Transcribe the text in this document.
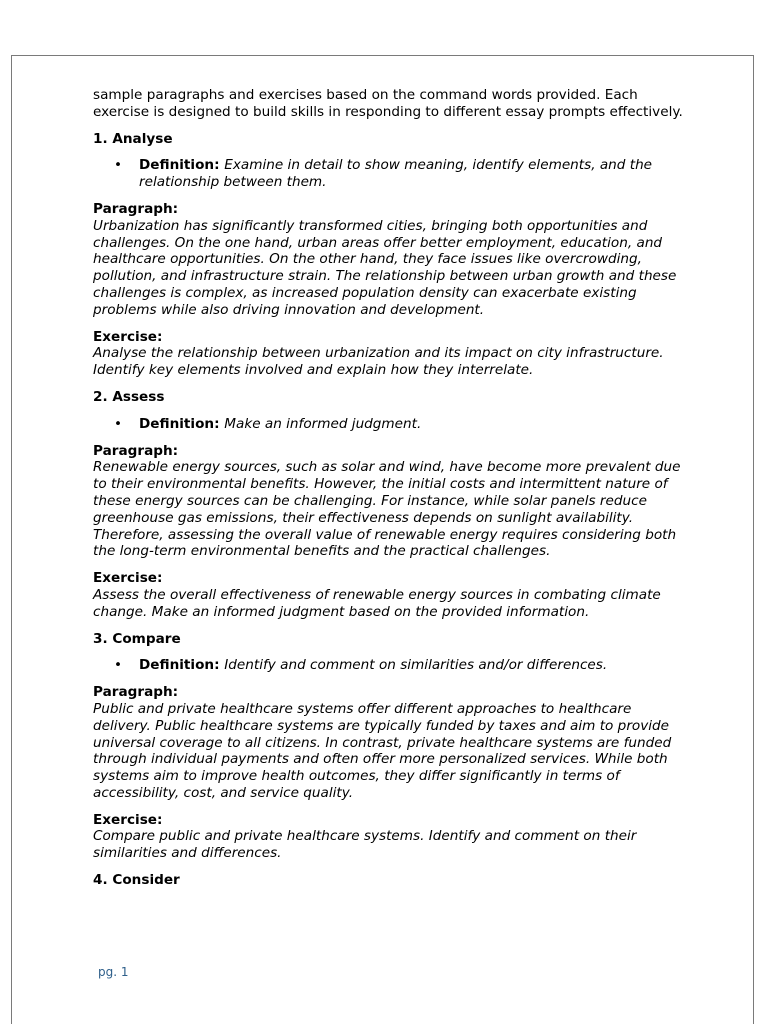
sample paragraphs and exercises based on the command words provided. Each exercise is designed to build skills in responding to different essay prompts effectively.

1. Analyse

• Definition: Examine in detail to show meaning, identify elements, and the relationship between them.

Paragraph:

Urbanization has significantly transformed cities, bringing both opportunities and challenges. On the one hand, urban areas offer better employment, education, and healthcare opportunities. On the other hand, they face issues like overcrowding, pollution, and infrastructure strain. The relationship between urban growth and these challenges is complex, as increased population density can exacerbate existing problems while also driving innovation and development.

Exercise:

Analyse the relationship between urbanization and its impact on city infrastructure. Identify key elements involved and explain how they interrelate.

2. Assess

• Definition: Make an informed judgment.

Paragraph:

Renewable energy sources, such as solar and wind, have become more prevalent due to their environmental benefits. However, the initial costs and intermittent nature of these energy sources can be challenging. For instance, while solar panels reduce greenhouse gas emissions, their effectiveness depends on sunlight availability. Therefore, assessing the overall value of renewable energy requires considering both the long-term environmental benefits and the practical challenges.

Exercise:

Assess the overall effectiveness of renewable energy sources in combating climate change. Make an informed judgment based on the provided information.

3. Compare

• Definition: Identify and comment on similarities and/or differences.

Paragraph:

Public and private healthcare systems offer different approaches to healthcare delivery. Public healthcare systems are typically funded by taxes and aim to provide universal coverage to all citizens. In contrast, private healthcare systems are funded through individual payments and often offer more personalized services. While both systems aim to improve health outcomes, they differ significantly in terms of accessibility, cost, and service quality.

Exercise:

Compare public and private healthcare systems. Identify and comment on their similarities and differences.

4. Consider

pg. 1
